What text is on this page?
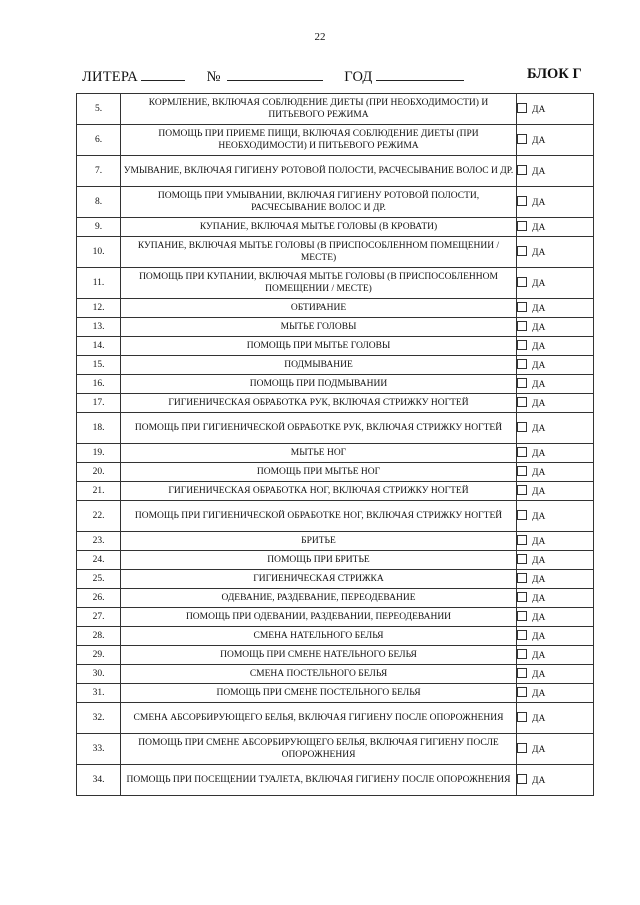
22
ЛИТЕРА	№	ГОД	БЛОК Г
5.	КОРМЛЕНИЕ, ВКЛЮЧАЯ СОБЛЮДЕНИЕ ДИЕТЫ (ПРИ НЕОБХОДИМОСТИ) И ПИТЬЕВОГО РЕЖИМА	ДА
6.	ПОМОЩЬ ПРИ ПРИЕМЕ ПИЩИ, ВКЛЮЧАЯ СОБЛЮДЕНИЕ ДИЕТЫ (ПРИ НЕОБХОДИМОСТИ) И ПИТЬЕВОГО РЕЖИМА	ДА
7.	УМЫВАНИЕ, ВКЛЮЧАЯ ГИГИЕНУ РОТОВОЙ ПОЛОСТИ, РАСЧЕСЫВАНИЕ ВОЛОС И ДР.	ДА
8.	ПОМОЩЬ ПРИ УМЫВАНИИ, ВКЛЮЧАЯ ГИГИЕНУ РОТОВОЙ ПОЛОСТИ, РАСЧЕСЫВАНИЕ ВОЛОС И ДР.	ДА
9.	КУПАНИЕ, ВКЛЮЧАЯ МЫТЬЕ ГОЛОВЫ (В КРОВАТИ)	ДА
10.	КУПАНИЕ, ВКЛЮЧАЯ МЫТЬЕ ГОЛОВЫ (В ПРИСПОСОБЛЕННОМ ПОМЕЩЕНИИ / МЕСТЕ)	ДА
11.	ПОМОЩЬ ПРИ КУПАНИИ, ВКЛЮЧАЯ МЫТЬЕ ГОЛОВЫ (В ПРИСПОСОБЛЕННОМ ПОМЕЩЕНИИ / МЕСТЕ)	ДА
12.	ОБТИРАНИЕ	ДА
13.	МЫТЬЕ ГОЛОВЫ	ДА
14.	ПОМОЩЬ ПРИ МЫТЬЕ ГОЛОВЫ	ДА
15.	ПОДМЫВАНИЕ	ДА
16.	ПОМОЩЬ ПРИ ПОДМЫВАНИИ	ДА
17.	ГИГИЕНИЧЕСКАЯ ОБРАБОТКА РУК, ВКЛЮЧАЯ СТРИЖКУ НОГТЕЙ	ДА
18.	ПОМОЩЬ ПРИ ГИГИЕНИЧЕСКОЙ ОБРАБОТКЕ РУК, ВКЛЮЧАЯ СТРИЖКУ НОГТЕЙ	ДА
19.	МЫТЬЕ НОГ	ДА
20.	ПОМОЩЬ ПРИ МЫТЬЕ НОГ	ДА
21.	ГИГИЕНИЧЕСКАЯ ОБРАБОТКА НОГ, ВКЛЮЧАЯ СТРИЖКУ НОГТЕЙ	ДА
22.	ПОМОЩЬ ПРИ ГИГИЕНИЧЕСКОЙ ОБРАБОТКЕ НОГ, ВКЛЮЧАЯ СТРИЖКУ НОГТЕЙ	ДА
23.	БРИТЬЕ	ДА
24.	ПОМОЩЬ ПРИ БРИТЬЕ	ДА
25.	ГИГИЕНИЧЕСКАЯ СТРИЖКА	ДА
26.	ОДЕВАНИЕ, РАЗДЕВАНИЕ, ПЕРЕОДЕВАНИЕ	ДА
27.	ПОМОЩЬ ПРИ ОДЕВАНИИ, РАЗДЕВАНИИ, ПЕРЕОДЕВАНИИ	ДА
28.	СМЕНА НАТЕЛЬНОГО БЕЛЬЯ	ДА
29.	ПОМОЩЬ ПРИ СМЕНЕ НАТЕЛЬНОГО БЕЛЬЯ	ДА
30.	СМЕНА ПОСТЕЛЬНОГО БЕЛЬЯ	ДА
31.	ПОМОЩЬ ПРИ СМЕНЕ ПОСТЕЛЬНОГО БЕЛЬЯ	ДА
32.	СМЕНА АБСОРБИРУЮЩЕГО БЕЛЬЯ, ВКЛЮЧАЯ ГИГИЕНУ ПОСЛЕ ОПОРОЖНЕНИЯ	ДА
33.	ПОМОЩЬ ПРИ СМЕНЕ АБСОРБИРУЮЩЕГО БЕЛЬЯ, ВКЛЮЧАЯ ГИГИЕНУ ПОСЛЕ ОПОРОЖНЕНИЯ	ДА
34.	ПОМОЩЬ ПРИ ПОСЕЩЕНИИ ТУАЛЕТА, ВКЛЮЧАЯ ГИГИЕНУ ПОСЛЕ ОПОРОЖНЕНИЯ	ДА
